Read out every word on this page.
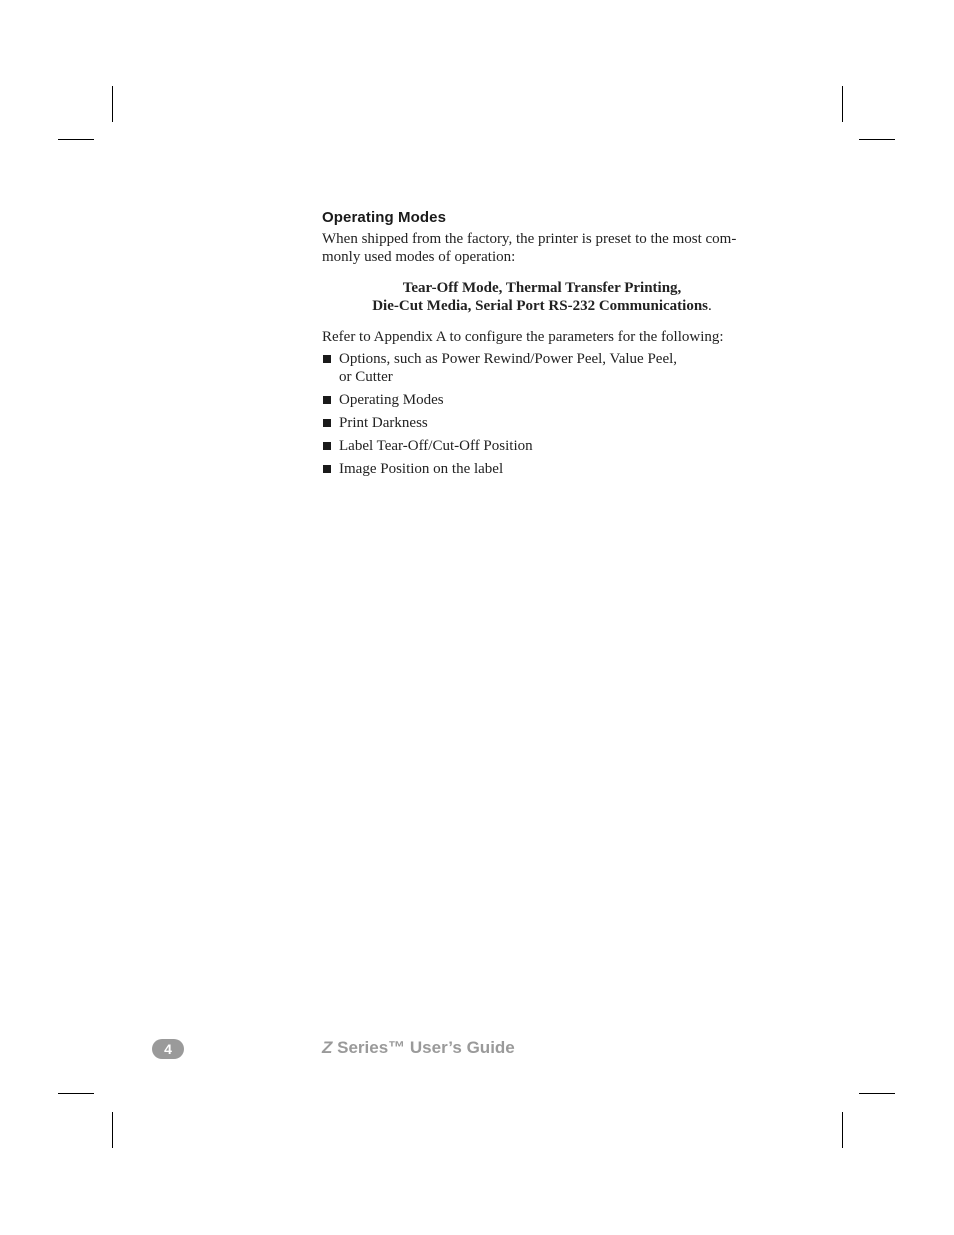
Operating Modes

When shipped from the factory, the printer is preset to the most com-
monly used modes of operation:

Tear-Off Mode, Thermal Transfer Printing,
Die-Cut Media, Serial Port RS-232 Communications.

Refer to Appendix A to configure the parameters for the following:

Options, such as Power Rewind/Power Peel, Value Peel,
or Cutter
Operating Modes
Print Darkness
Label Tear-Off/Cut-Off Position
Image Position on the label
4	Z Series™ User’s Guide
